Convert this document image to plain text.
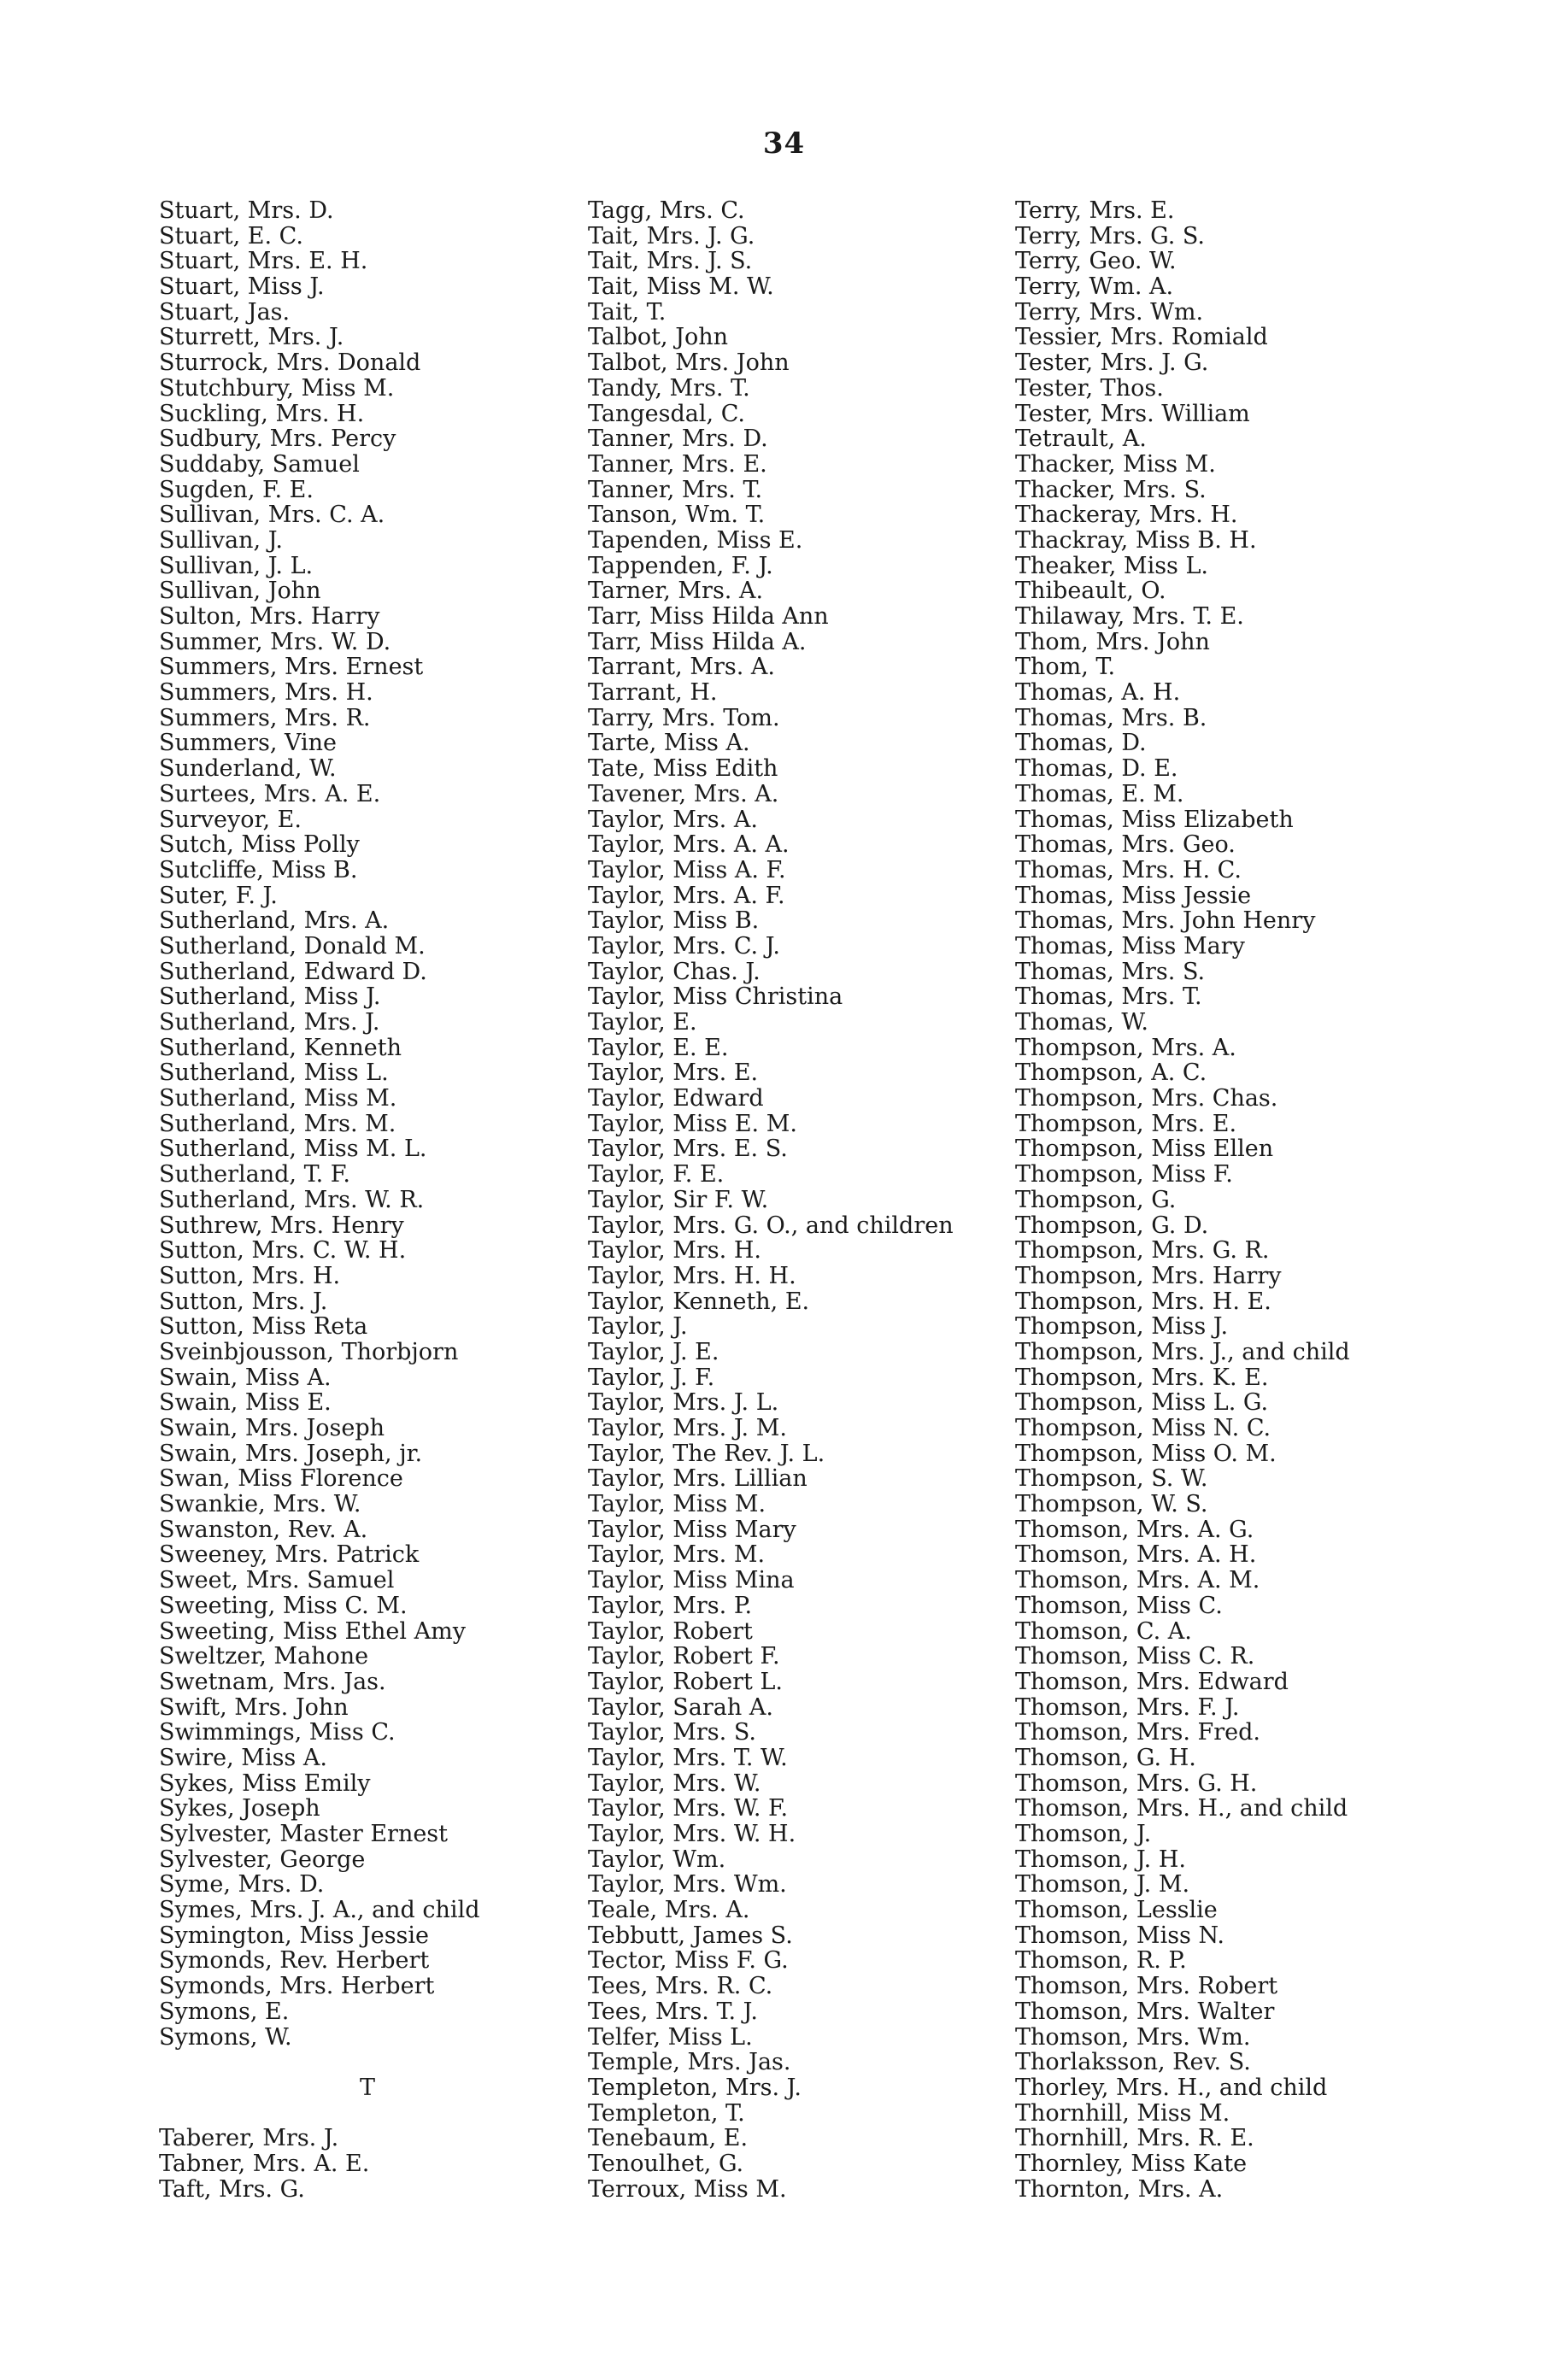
34
Stuart, Mrs. D.
Stuart, E. C.
Stuart, Mrs. E. H.
Stuart, Miss J.
Stuart, Jas.
Sturrett, Mrs. J.
Sturrock, Mrs. Donald
Stutchbury, Miss M.
Suckling, Mrs. H.
Sudbury, Mrs. Percy
Suddaby, Samuel
Sugden, F. E.
Sullivan, Mrs. C. A.
Sullivan, J.
Sullivan, J. L.
Sullivan, John
Sulton, Mrs. Harry
Summer, Mrs. W. D.
Summers, Mrs. Ernest
Summers, Mrs. H.
Summers, Mrs. R.
Summers, Vine
Sunderland, W.
Surtees, Mrs. A. E.
Surveyor, E.
Sutch, Miss Polly
Sutcliffe, Miss B.
Suter, F. J.
Sutherland, Mrs. A.
Sutherland, Donald M.
Sutherland, Edward D.
Sutherland, Miss J.
Sutherland, Mrs. J.
Sutherland, Kenneth
Sutherland, Miss L.
Sutherland, Miss M.
Sutherland, Mrs. M.
Sutherland, Miss M. L.
Sutherland, T. F.
Sutherland, Mrs. W. R.
Suthrew, Mrs. Henry
Sutton, Mrs. C. W. H.
Sutton, Mrs. H.
Sutton, Mrs. J.
Sutton, Miss Reta
Sveinbjousson, Thorbjorn
Swain, Miss A.
Swain, Miss E.
Swain, Mrs. Joseph
Swain, Mrs. Joseph, jr.
Swan, Miss Florence
Swankie, Mrs. W.
Swanston, Rev. A.
Sweeney, Mrs. Patrick
Sweet, Mrs. Samuel
Sweeting, Miss C. M.
Sweeting, Miss Ethel Amy
Sweltzer, Mahone
Swetnam, Mrs. Jas.
Swift, Mrs. John
Swimmings, Miss C.
Swire, Miss A.
Sykes, Miss Emily
Sykes, Joseph
Sylvester, Master Ernest
Sylvester, George
Syme, Mrs. D.
Symes, Mrs. J. A., and child
Symington, Miss Jessie
Symonds, Rev. Herbert
Symonds, Mrs. Herbert
Symons, E.
Symons, W.
T
Taberer, Mrs. J.
Tabner, Mrs. A. E.
Taft, Mrs. G.
Tagg, Mrs. C.
Tait, Mrs. J. G.
Tait, Mrs. J. S.
Tait, Miss M. W.
Tait, T.
Talbot, John
Talbot, Mrs. John
Tandy, Mrs. T.
Tangesdal, C.
Tanner, Mrs. D.
Tanner, Mrs. E.
Tanner, Mrs. T.
Tanson, Wm. T.
Tapenden, Miss E.
Tappenden, F. J.
Tarner, Mrs. A.
Tarr, Miss Hilda Ann
Tarr, Miss Hilda A.
Tarrant, Mrs. A.
Tarrant, H.
Tarry, Mrs. Tom.
Tarte, Miss A.
Tate, Miss Edith
Tavener, Mrs. A.
Taylor, Mrs. A.
Taylor, Mrs. A. A.
Taylor, Miss A. F.
Taylor, Mrs. A. F.
Taylor, Miss B.
Taylor, Mrs. C. J.
Taylor, Chas. J.
Taylor, Miss Christina
Taylor, E.
Taylor, E. E.
Taylor, Mrs. E.
Taylor, Edward
Taylor, Miss E. M.
Taylor, Mrs. E. S.
Taylor, F. E.
Taylor, Sir F. W.
Taylor, Mrs. G. O., and children
Taylor, Mrs. H.
Taylor, Mrs. H. H.
Taylor, Kenneth, E.
Taylor, J.
Taylor, J. E.
Taylor, J. F.
Taylor, Mrs. J. L.
Taylor, Mrs. J. M.
Taylor, The Rev. J. L.
Taylor, Mrs. Lillian
Taylor, Miss M.
Taylor, Miss Mary
Taylor, Mrs. M.
Taylor, Miss Mina
Taylor, Mrs. P.
Taylor, Robert
Taylor, Robert F.
Taylor, Robert L.
Taylor, Sarah A.
Taylor, Mrs. S.
Taylor, Mrs. T. W.
Taylor, Mrs. W.
Taylor, Mrs. W. F.
Taylor, Mrs. W. H.
Taylor, Wm.
Taylor, Mrs. Wm.
Teale, Mrs. A.
Tebbutt, James S.
Tector, Miss F. G.
Tees, Mrs. R. C.
Tees, Mrs. T. J.
Telfer, Miss L.
Temple, Mrs. Jas.
Templeton, Mrs. J.
Templeton, T.
Tenebaum, E.
Tenoulhet, G.
Terroux, Miss M.
Terry, Mrs. E.
Terry, Mrs. G. S.
Terry, Geo. W.
Terry, Wm. A.
Terry, Mrs. Wm.
Tessier, Mrs. Romiald
Tester, Mrs. J. G.
Tester, Thos.
Tester, Mrs. William
Tetrault, A.
Thacker, Miss M.
Thacker, Mrs. S.
Thackeray, Mrs. H.
Thackray, Miss B. H.
Theaker, Miss L.
Thibeault, O.
Thilaway, Mrs. T. E.
Thom, Mrs. John
Thom, T.
Thomas, A. H.
Thomas, Mrs. B.
Thomas, D.
Thomas, D. E.
Thomas, E. M.
Thomas, Miss Elizabeth
Thomas, Mrs. Geo.
Thomas, Mrs. H. C.
Thomas, Miss Jessie
Thomas, Mrs. John Henry
Thomas, Miss Mary
Thomas, Mrs. S.
Thomas, Mrs. T.
Thomas, W.
Thompson, Mrs. A.
Thompson, A. C.
Thompson, Mrs. Chas.
Thompson, Mrs. E.
Thompson, Miss Ellen
Thompson, Miss F.
Thompson, G.
Thompson, G. D.
Thompson, Mrs. G. R.
Thompson, Mrs. Harry
Thompson, Mrs. H. E.
Thompson, Miss J.
Thompson, Mrs. J., and child
Thompson, Mrs. K. E.
Thompson, Miss L. G.
Thompson, Miss N. C.
Thompson, Miss O. M.
Thompson, S. W.
Thompson, W. S.
Thomson, Mrs. A. G.
Thomson, Mrs. A. H.
Thomson, Mrs. A. M.
Thomson, Miss C.
Thomson, C. A.
Thomson, Miss C. R.
Thomson, Mrs. Edward
Thomson, Mrs. F. J.
Thomson, Mrs. Fred.
Thomson, G. H.
Thomson, Mrs. G. H.
Thomson, Mrs. H., and child
Thomson, J.
Thomson, J. H.
Thomson, J. M.
Thomson, Lesslie
Thomson, Miss N.
Thomson, R. P.
Thomson, Mrs. Robert
Thomson, Mrs. Walter
Thomson, Mrs. Wm.
Thorlaksson, Rev. S.
Thorley, Mrs. H., and child
Thornhill, Miss M.
Thornhill, Mrs. R. E.
Thornley, Miss Kate
Thornton, Mrs. A.
